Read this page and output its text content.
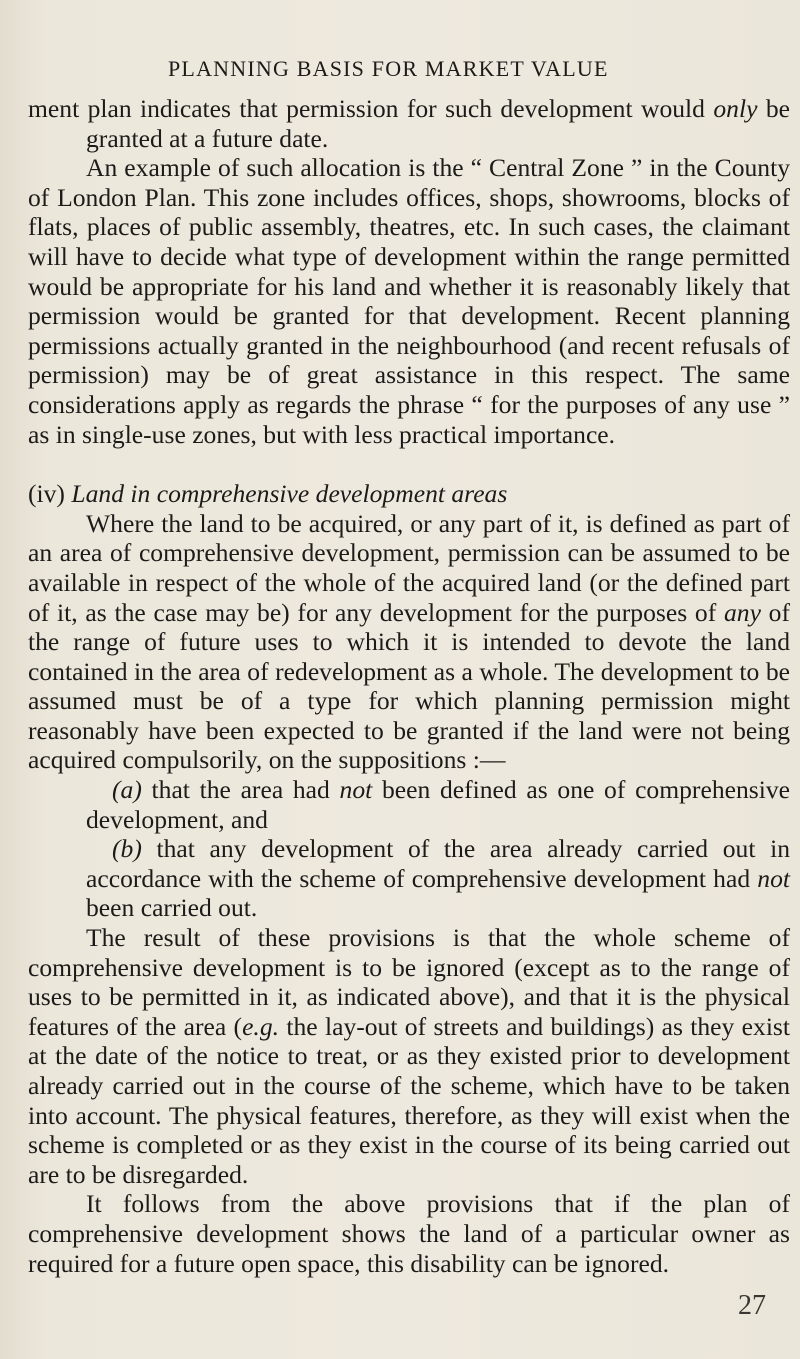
PLANNING BASIS FOR MARKET VALUE

ment plan indicates that permission for such development would only be granted at a future date.

An example of such allocation is the “ Central Zone ” in the County of London Plan. This zone includes offices, shops, showrooms, blocks of flats, places of public assembly, theatres, etc. In such cases, the claimant will have to decide what type of development within the range permitted would be appropriate for his land and whether it is reasonably likely that permission would be granted for that development. Recent planning permissions actually granted in the neighbourhood (and recent refusals of permission) may be of great assistance in this respect. The same considerations apply as regards the phrase “ for the purposes of any use ” as in single-use zones, but with less practical importance.

(iv) Land in comprehensive development areas

Where the land to be acquired, or any part of it, is defined as part of an area of comprehensive development, permission can be assumed to be available in respect of the whole of the acquired land (or the defined part of it, as the case may be) for any development for the purposes of any of the range of future uses to which it is intended to devote the land contained in the area of redevelopment as a whole. The development to be assumed must be of a type for which planning permission might reasonably have been expected to be granted if the land were not being acquired compulsorily, on the suppositions :—

(a) that the area had not been defined as one of comprehensive development, and

(b) that any development of the area already carried out in accordance with the scheme of comprehensive development had not been carried out.

The result of these provisions is that the whole scheme of comprehensive development is to be ignored (except as to the range of uses to be permitted in it, as indicated above), and that it is the physical features of the area (e.g. the lay-out of streets and buildings) as they exist at the date of the notice to treat, or as they existed prior to development already carried out in the course of the scheme, which have to be taken into account. The physical features, therefore, as they will exist when the scheme is completed or as they exist in the course of its being carried out are to be disregarded.

It follows from the above provisions that if the plan of comprehensive development shows the land of a particular owner as required for a future open space, this disability can be ignored.

27
